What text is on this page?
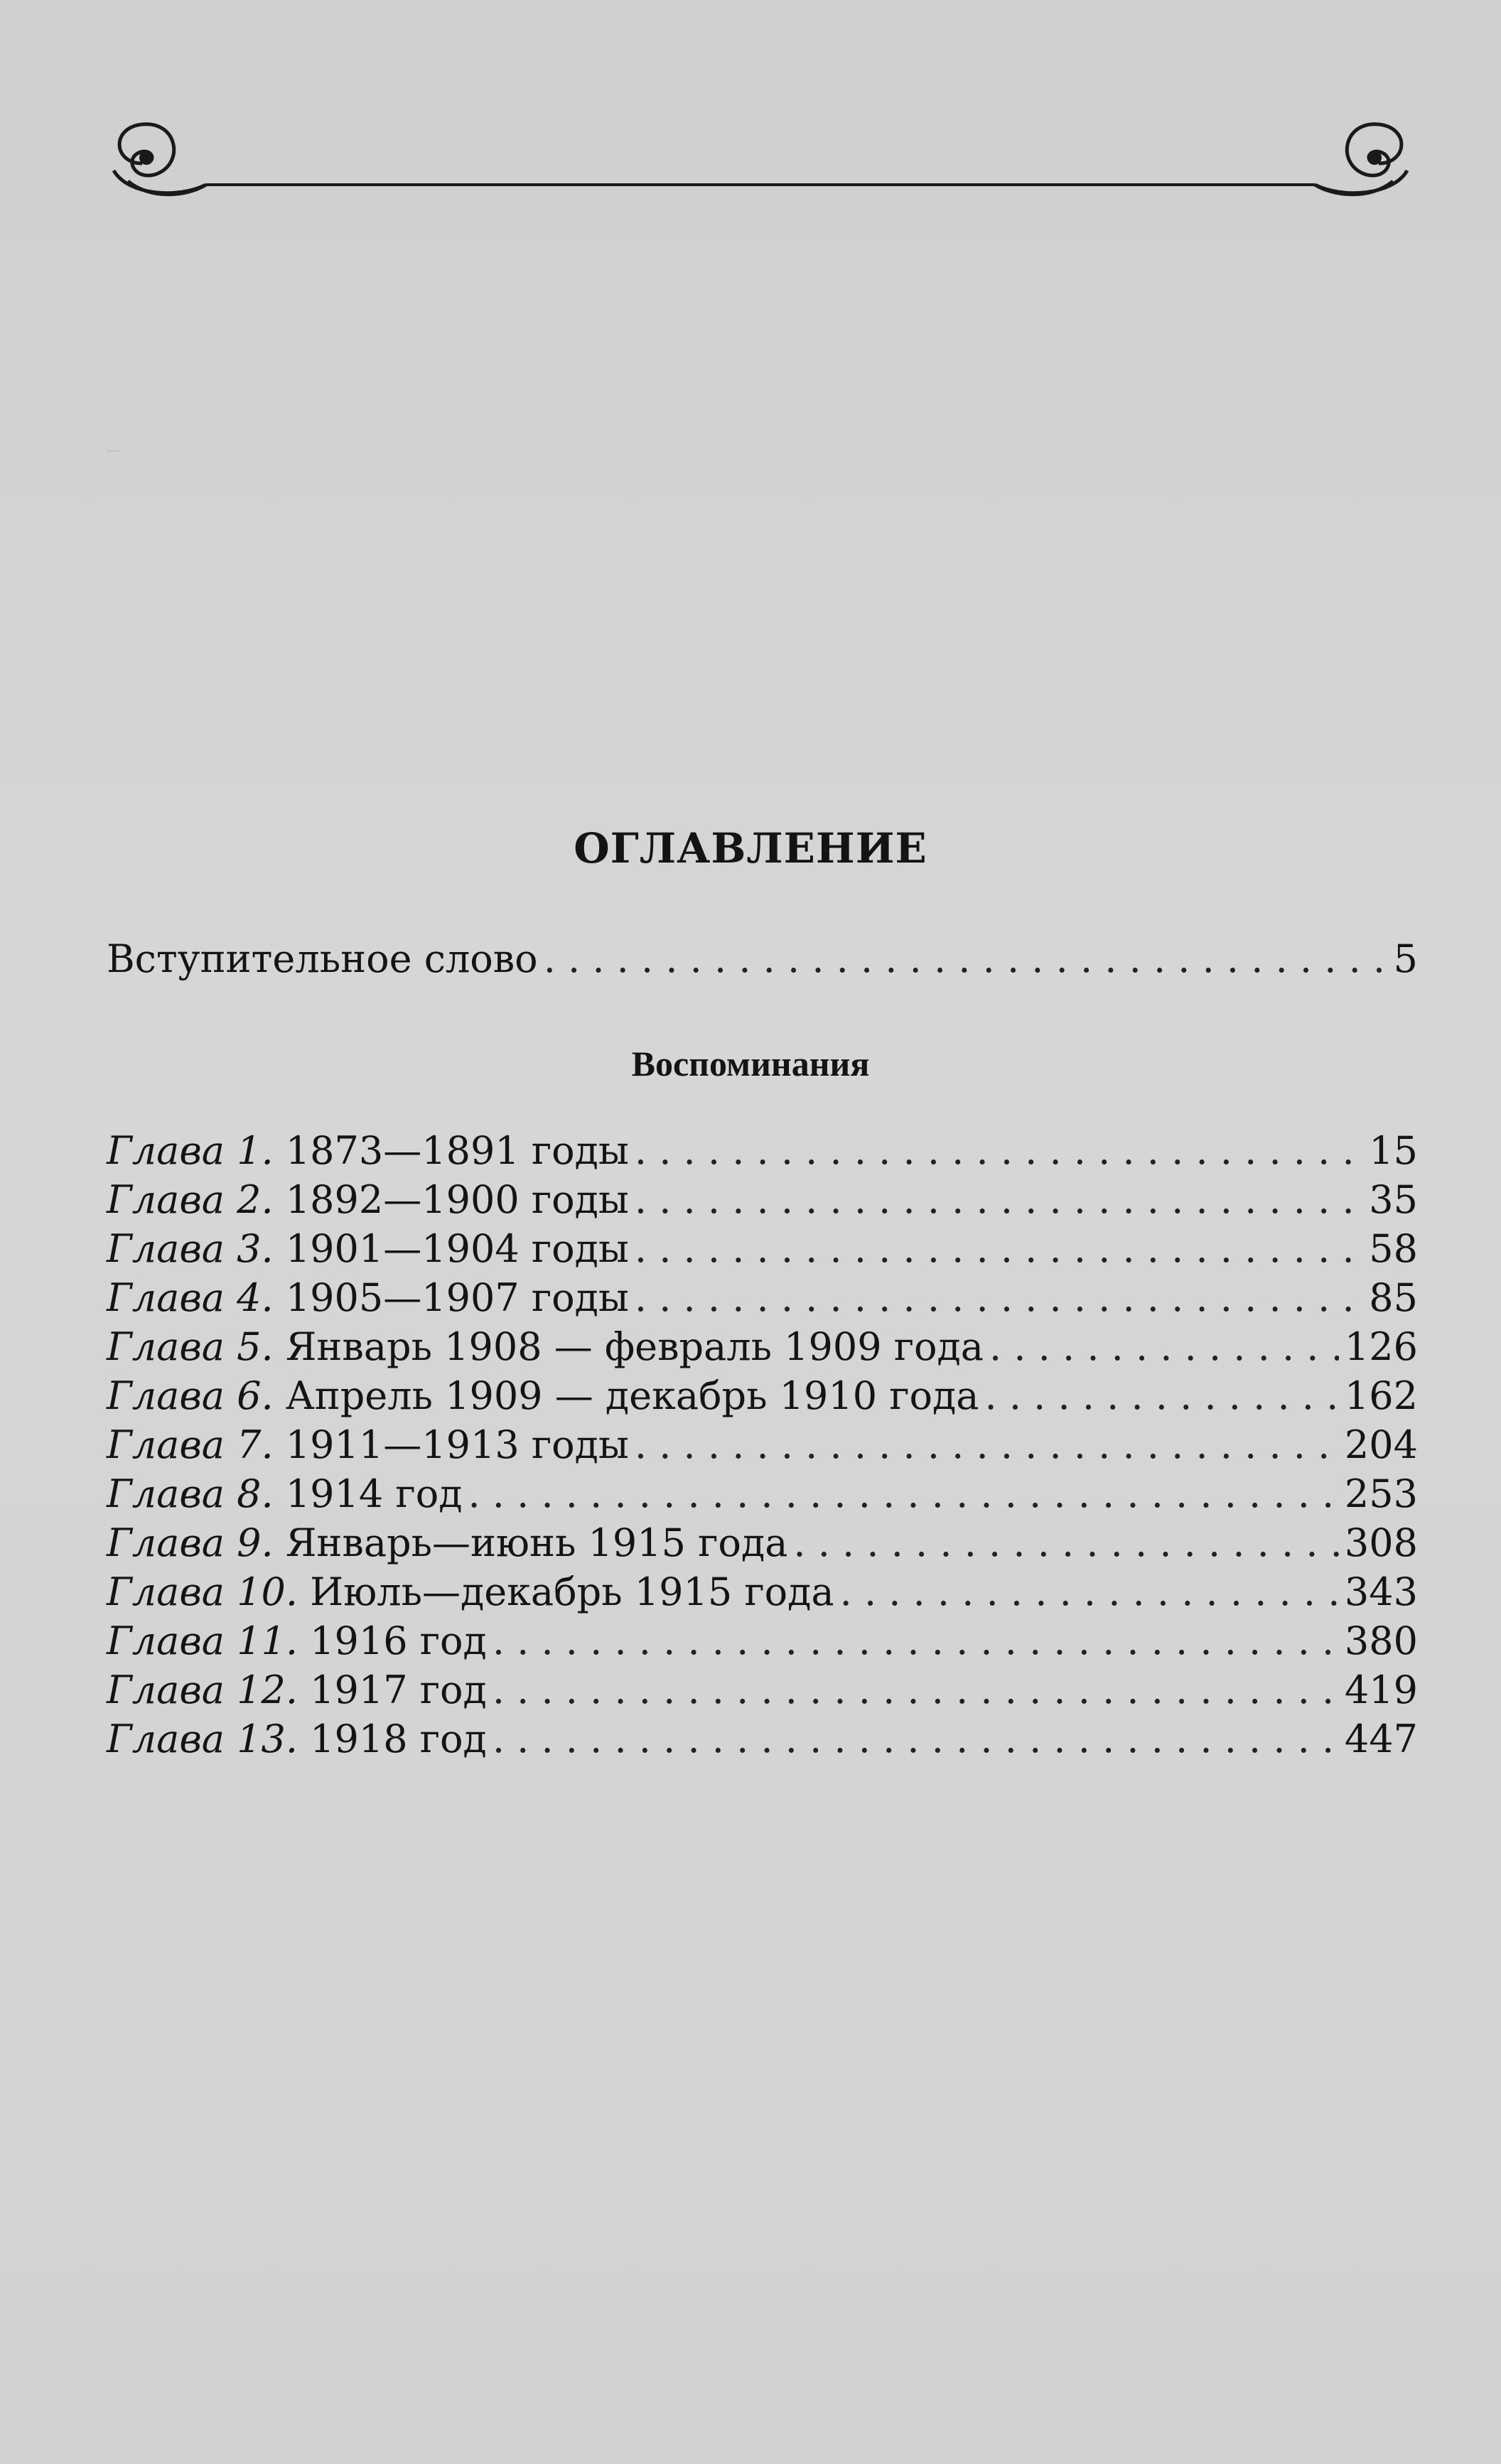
–
ОГЛАВЛЕНИЕ
Вступительное слово . . .	5
Воспоминания
Глава 1. 1873—1891 годы . . .	15
Глава 2. 1892—1900 годы . . .	35
Глава 3. 1901—1904 годы . . .	58
Глава 4. 1905—1907 годы . . .	85
Глава 5. Январь 1908 — февраль 1909 года . . .	126
Глава 6. Апрель 1909 — декабрь 1910 года . . .	162
Глава 7. 1911—1913 годы . . .	204
Глава 8. 1914 год . . .	253
Глава 9. Январь—июнь 1915 года . . .	308
Глава 10. Июль—декабрь 1915 года . . .	343
Глава 11. 1916 год . . .	380
Глава 12. 1917 год . . .	419
Глава 13. 1918 год . . .	447
